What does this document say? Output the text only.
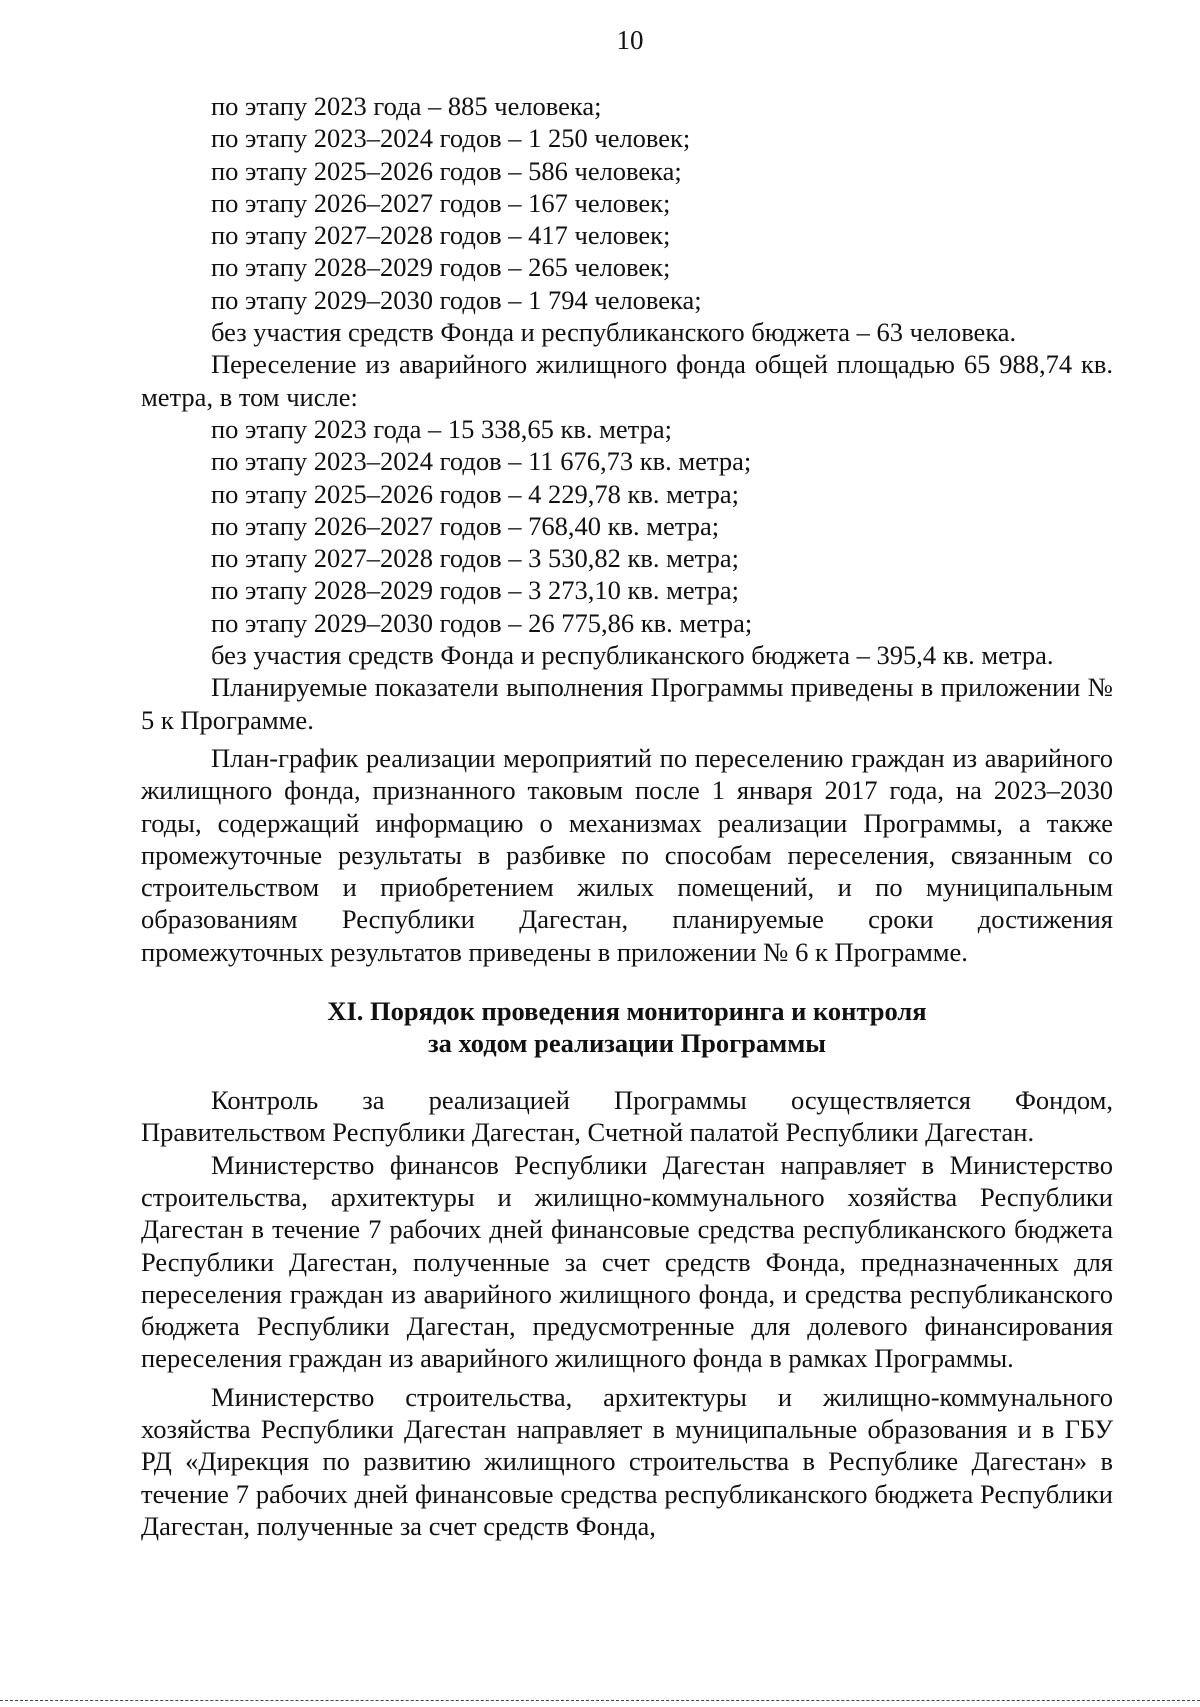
10

по этапу 2023 года – 885 человека;

по этапу 2023–2024 годов – 1 250 человек;

по этапу 2025–2026 годов – 586 человека;

по этапу 2026–2027 годов – 167 человек;

по этапу 2027–2028 годов – 417 человек;

по этапу 2028–2029 годов – 265 человек;

по этапу 2029–2030 годов – 1 794 человека;

без участия средств Фонда и республиканского бюджета – 63 человека.

Переселение из аварийного жилищного фонда общей площадью 65 988,74 кв. метра, в том числе:

по этапу 2023 года – 15 338,65 кв. метра;

по этапу 2023–2024 годов – 11 676,73 кв. метра;

по этапу 2025–2026 годов – 4 229,78 кв. метра;

по этапу 2026–2027 годов – 768,40 кв. метра;

по этапу 2027–2028 годов – 3 530,82 кв. метра;

по этапу 2028–2029 годов – 3 273,10 кв. метра;

по этапу 2029–2030 годов – 26 775,86 кв. метра;

без участия средств Фонда и республиканского бюджета – 395,4 кв. метра.

Планируемые показатели выполнения Программы приведены в приложении № 5 к Программе.

План-график реализации мероприятий по переселению граждан из аварийного жилищного фонда, признанного таковым после 1 января 2017 года, на 2023–2030 годы, содержащий информацию о механизмах реализации Программы, а также промежуточные результаты в разбивке по способам переселения, связанным со строительством и приобретением жилых помещений, и по муниципальным образованиям Республики Дагестан, планируемые сроки достижения промежуточных результатов приведены в приложении № 6 к Программе.

XI. Порядок проведения мониторинга и контроля
за ходом реализации Программы

Контроль за реализацией Программы осуществляется Фондом, Правительством Республики Дагестан, Счетной палатой Республики Дагестан.

Министерство финансов Республики Дагестан направляет в Министерство строительства, архитектуры и жилищно-коммунального хозяйства Республики Дагестан в течение 7 рабочих дней финансовые средства республиканского бюджета Республики Дагестан, полученные за счет средств Фонда, предназначенных для переселения граждан из аварийного жилищного фонда, и средства республиканского бюджета Республики Дагестан, предусмотренные для долевого финансирования переселения граждан из аварийного жилищного фонда в рамках Программы.

Министерство строительства, архитектуры и жилищно-коммунального хозяйства Республики Дагестан направляет в муниципальные образования и в ГБУ РД «Дирекция по развитию жилищного строительства в Республике Дагестан» в течение 7 рабочих дней финансовые средства республиканского бюджета Республики Дагестан, полученные за счет средств Фонда,
